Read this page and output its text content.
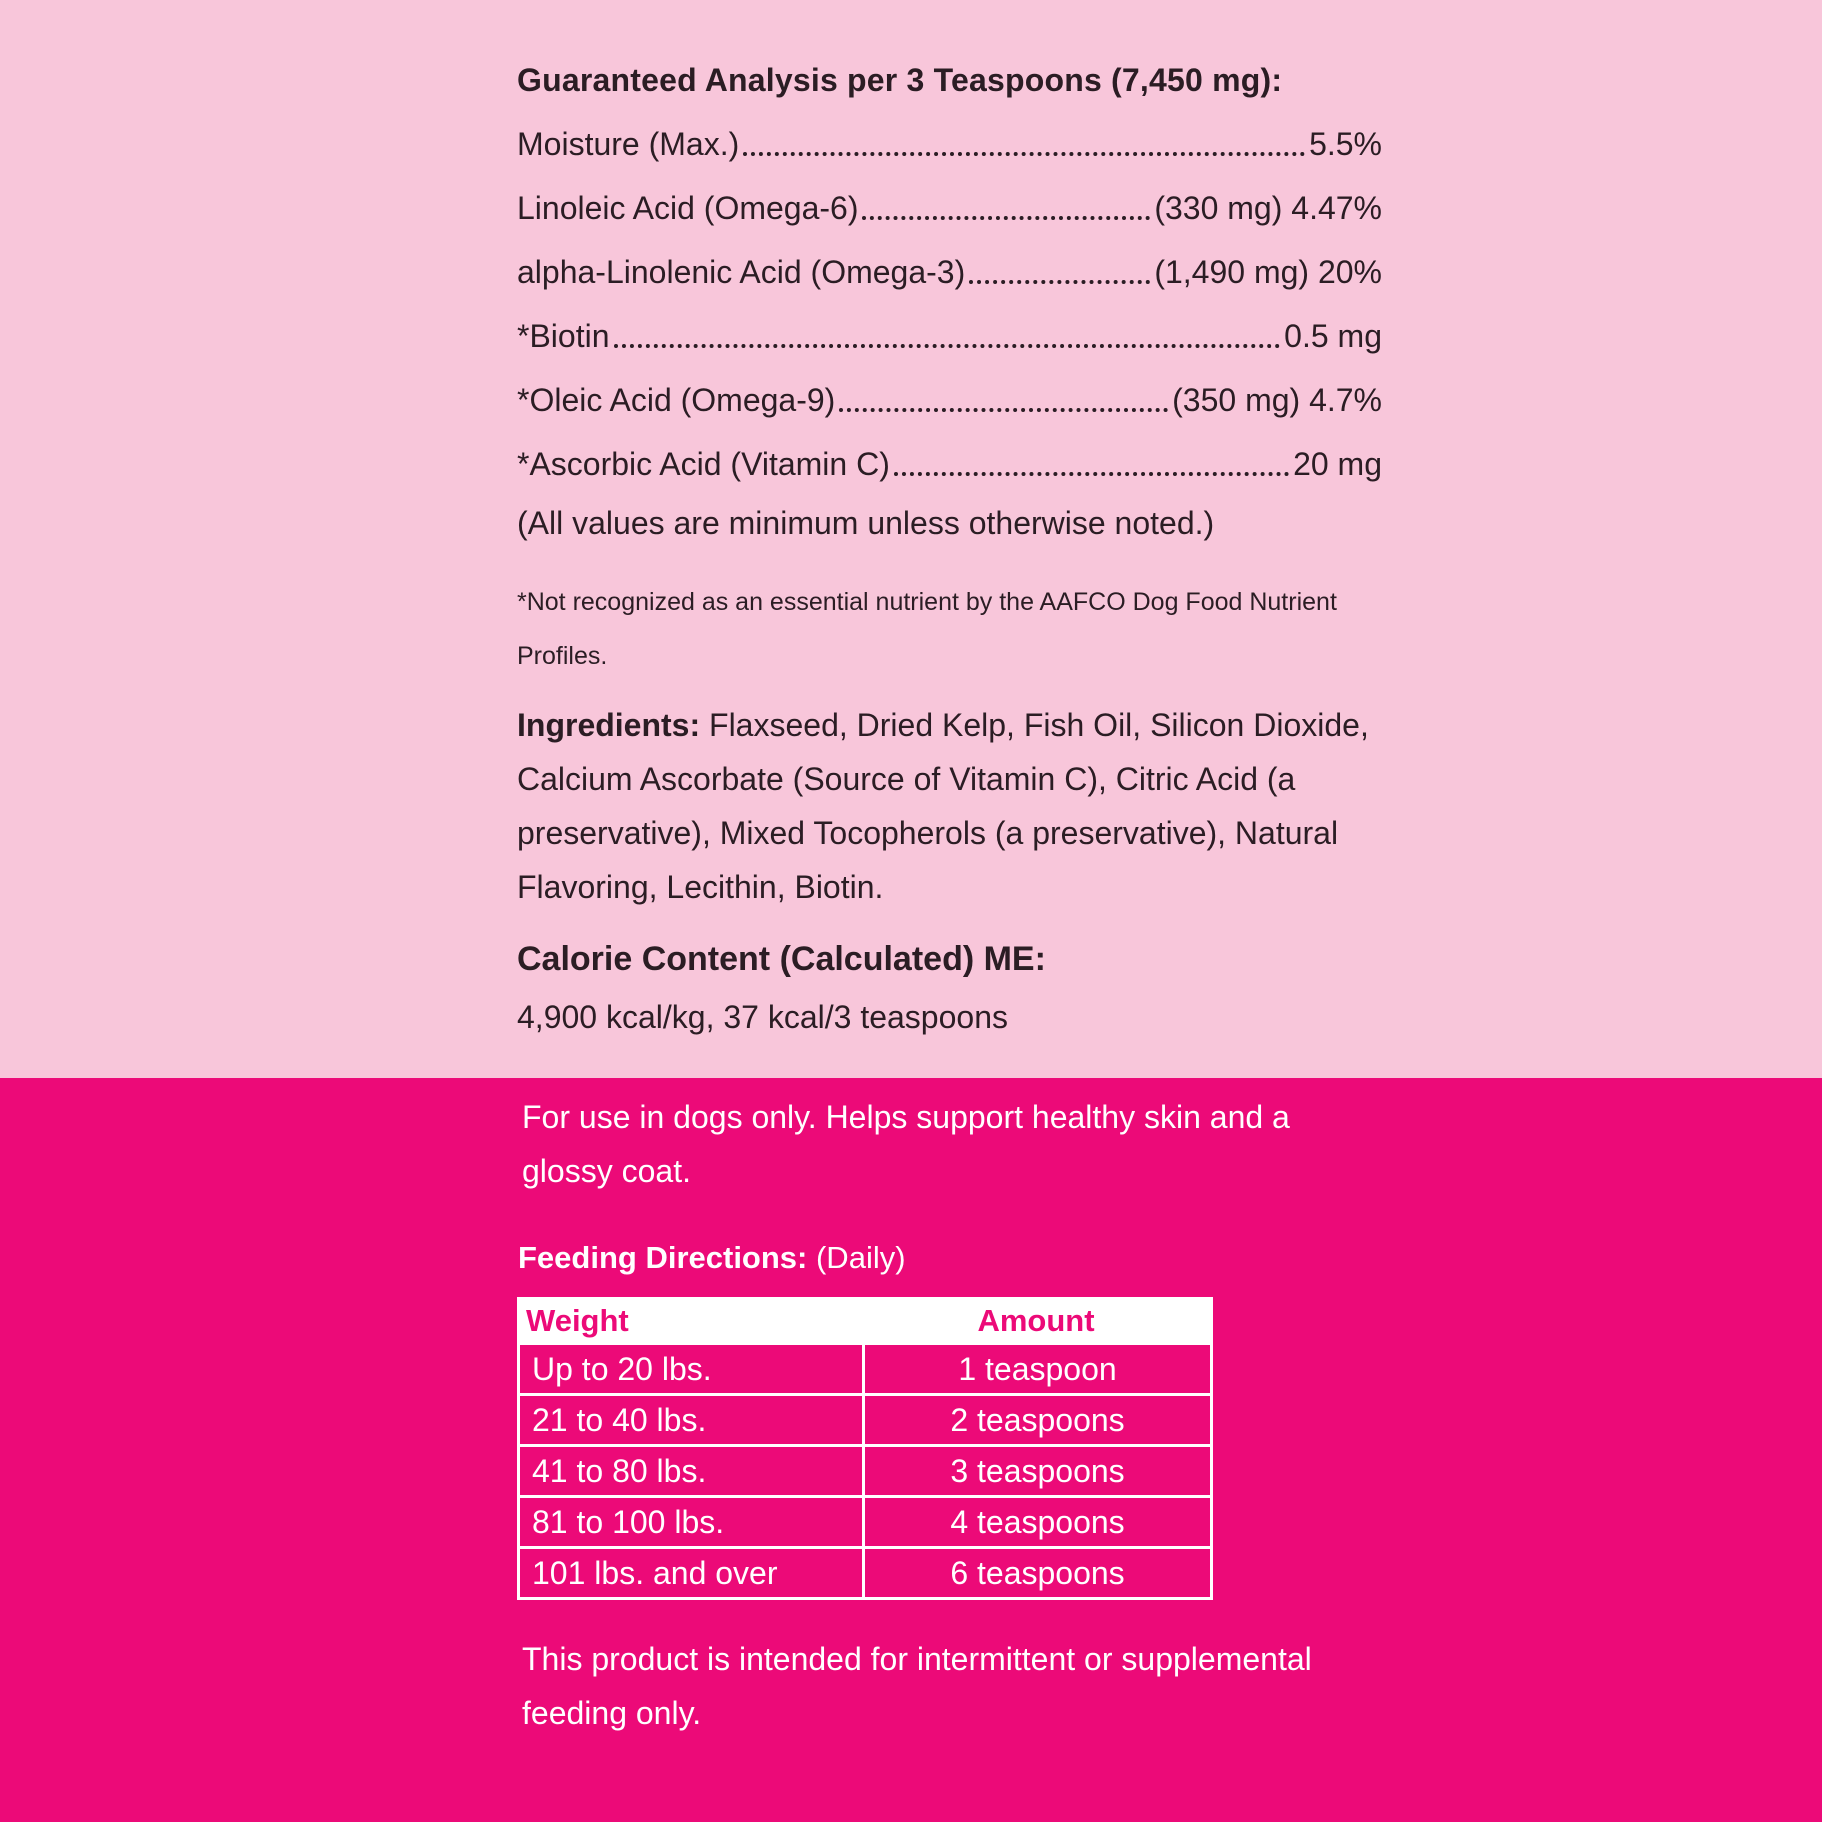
Guaranteed Analysis per 3 Teaspoons (7,450 mg):
Moisture (Max.)	5.5%
Linoleic Acid (Omega-6)	(330 mg) 4.47%
alpha-Linolenic Acid (Omega-3)	(1,490 mg) 20%
*Biotin	0.5 mg
*Oleic Acid (Omega-9)	(350 mg) 4.7%
*Ascorbic Acid (Vitamin C)	20 mg
(All values are minimum unless otherwise noted.)
*Not recognized as an essential nutrient by the AAFCO Dog Food Nutrient Profiles.
Ingredients: Flaxseed, Dried Kelp, Fish Oil, Silicon Dioxide, Calcium Ascorbate (Source of Vitamin C), Citric Acid (a preservative), Mixed Tocopherols (a preservative), Natural Flavoring, Lecithin, Biotin.
Calorie Content (Calculated) ME:
4,900 kcal/kg, 37 kcal/3 teaspoons
For use in dogs only. Helps support healthy skin and a glossy coat.
Feeding Directions: (Daily)
Weight	Amount
Up to 20 lbs.	1 teaspoon
21 to 40 lbs.	2 teaspoons
41 to 80 lbs.	3 teaspoons
81 to 100 lbs.	4 teaspoons
101 lbs. and over	6 teaspoons
This product is intended for intermittent or supplemental feeding only.
